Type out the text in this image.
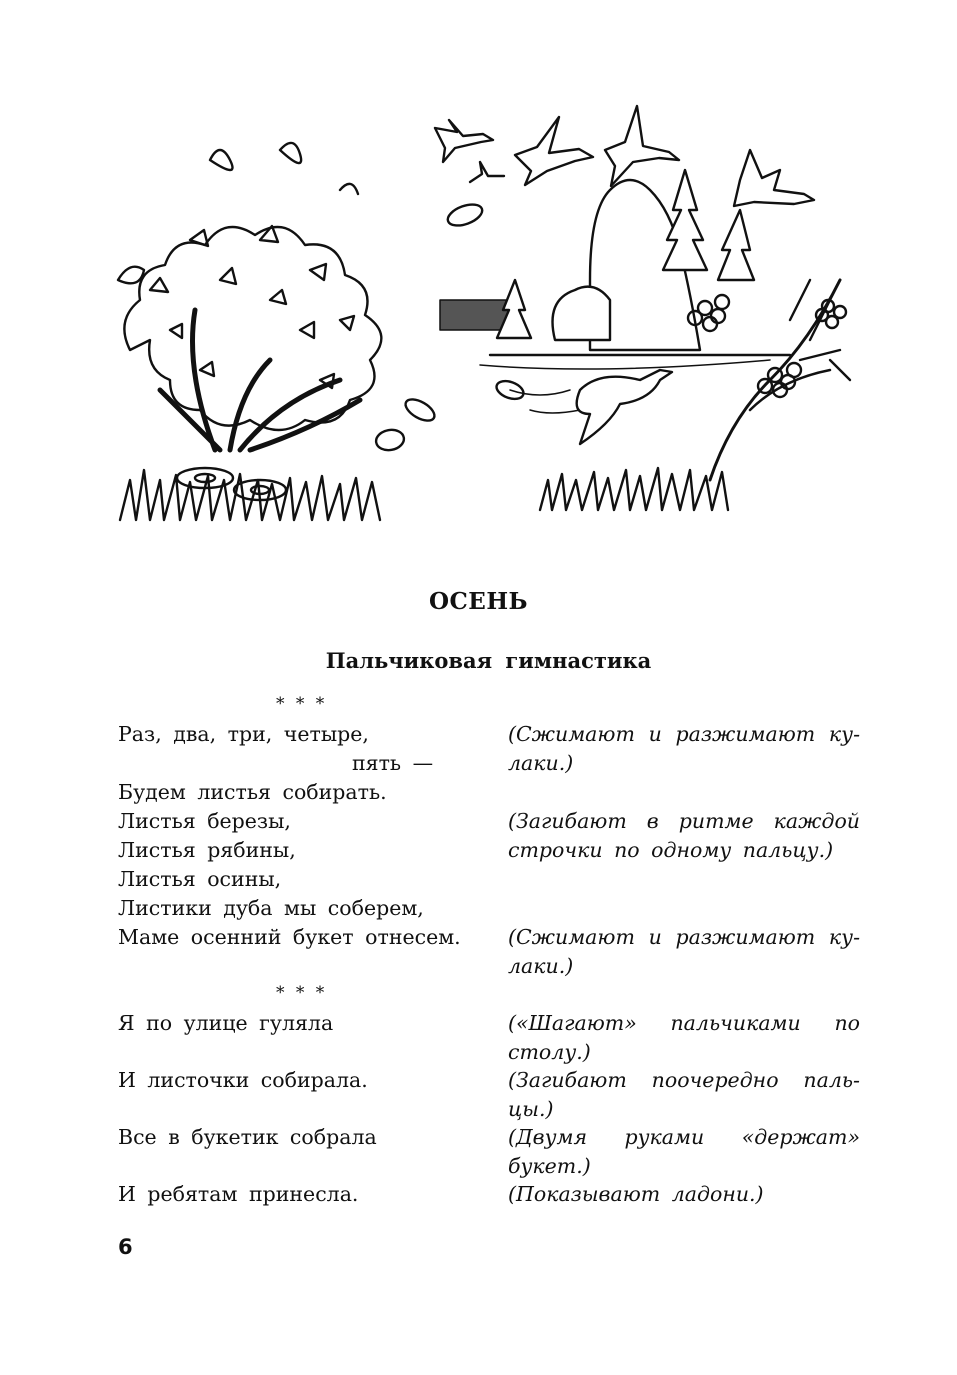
ОСЕНЬ
Пальчиковая гимнастика
* * *
Раз, два, три, четыре,
пять —
Будем листья собирать.
Листья березы,
Листья рябины,
Листья осины,
Листики дуба мы соберем,
Маме осенний букет отнесем.
(Сжимают и разжимают ку-
лаки.)
(Загибают в ритме каждой
строчки по одному пальцу.)
(Сжимают и разжимают ку-
лаки.)
* * *
Я по улице гуляла
И листочки собирала.
Все в букетик собрала
И ребятам принесла.
(«Шагают» пальчиками по
столу.)
(Загибают поочередно паль-
цы.)
(Двумя руками «держат»
букет.)
(Показывают ладони.)
6
